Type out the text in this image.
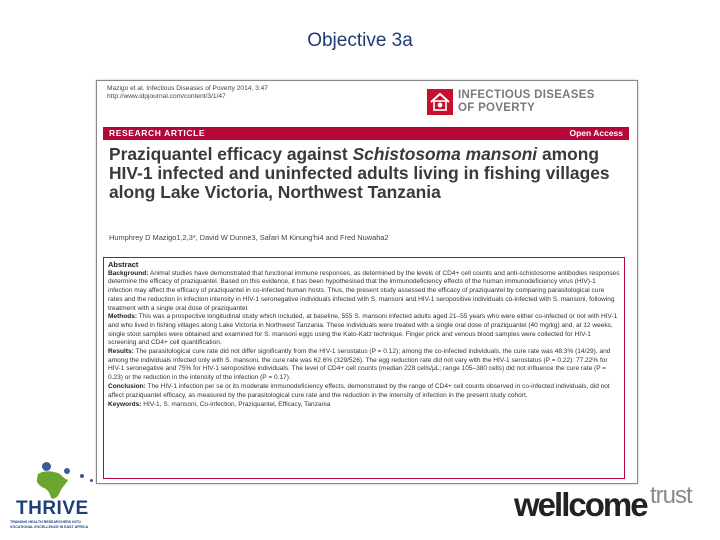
Objective 3a
Mazigo et al. Infectious Diseases of Poverty 2014, 3:47
http://www.idpjournal.com/content/3/1/47	INFECTIOUS DISEASES
OF POVERTY
RESEARCH ARTICLE	Open Access
Praziquantel efficacy against Schistosoma mansoni among HIV-1 infected and uninfected adults living in fishing villages along Lake Victoria, Northwest Tanzania
Humphrey D Mazigo1,2,3*, David W Dunne3, Safari M Kinung'hi4 and Fred Nuwaha2
Abstract

Background: Animal studies have demonstrated that functional immune responses, as determined by the levels of CD4+ cell counts and anti-schistosome antibodies responses determine the efficacy of praziquantel. Based on this evidence, it has been hypothesised that the immunodeficiency effects of the human immunodeficiency virus (HIV)-1 infection may affect the efficacy of praziquantel in co-infected human hosts. Thus, the present study assessed the efficacy of praziquantel by comparing parasitological cure rates and the reduction in infection intensity in HIV-1 seronegative individuals infected with S. mansoni and HIV-1 seropositive individuals co-infected with S. mansoni, following treatment with a single oral dose of praziquantel.

Methods: This was a prospective longitudinal study which included, at baseline, 555 S. mansoni infected adults aged 21–55 years who were either co-infected or not with HIV-1 and who lived in fishing villages along Lake Victoria in Northwest Tanzania. These individuals were treated with a single oral dose of praziquantel (40 mg/kg) and, at 12 weeks, single stool samples were obtained and examined for S. mansoni eggs using the Kato-Katz technique. Finger prick and venous blood samples were collected for HIV-1 screening and CD4+ cell quantification.

Results: The parasitological cure rate did not differ significantly from the HIV-1 serostatus (P = 0.12); among the co-infected individuals, the cure rate was 48.3% (14/29), and among the individuals infected only with S. mansoni, the cure rate was 62.6% (329/526). The egg reduction rate did not vary with the HIV-1 serostatus (P = 0.22): 77.22% for HIV-1 seronegative and 75% for HIV-1 seropositive individuals. The level of CD4+ cell counts (median 228 cells/μL; range 105–380 cells) did not influence the cure rate (P = 0.23) or the reduction in the intensity of the infection (P = 0.17).

Conclusion: The HIV-1 infection per se or its moderate immunodeficiency effects, demonstrated by the range of CD4+ cell counts observed in co-infected individuals, did not affect praziquantel efficacy, as measured by the parasitological cure rate and the reduction in the intensity of infection in the present study cohort.

Keywords: HIV-1, S. mansoni, Co-infection, Praziquantel, Efficacy, Tanzania

THRIVE
TRAINING HEALTH RESEARCHERS INTO VOCATIONAL EXCELLENCE IN EAST AFRICA
wellcome trust
